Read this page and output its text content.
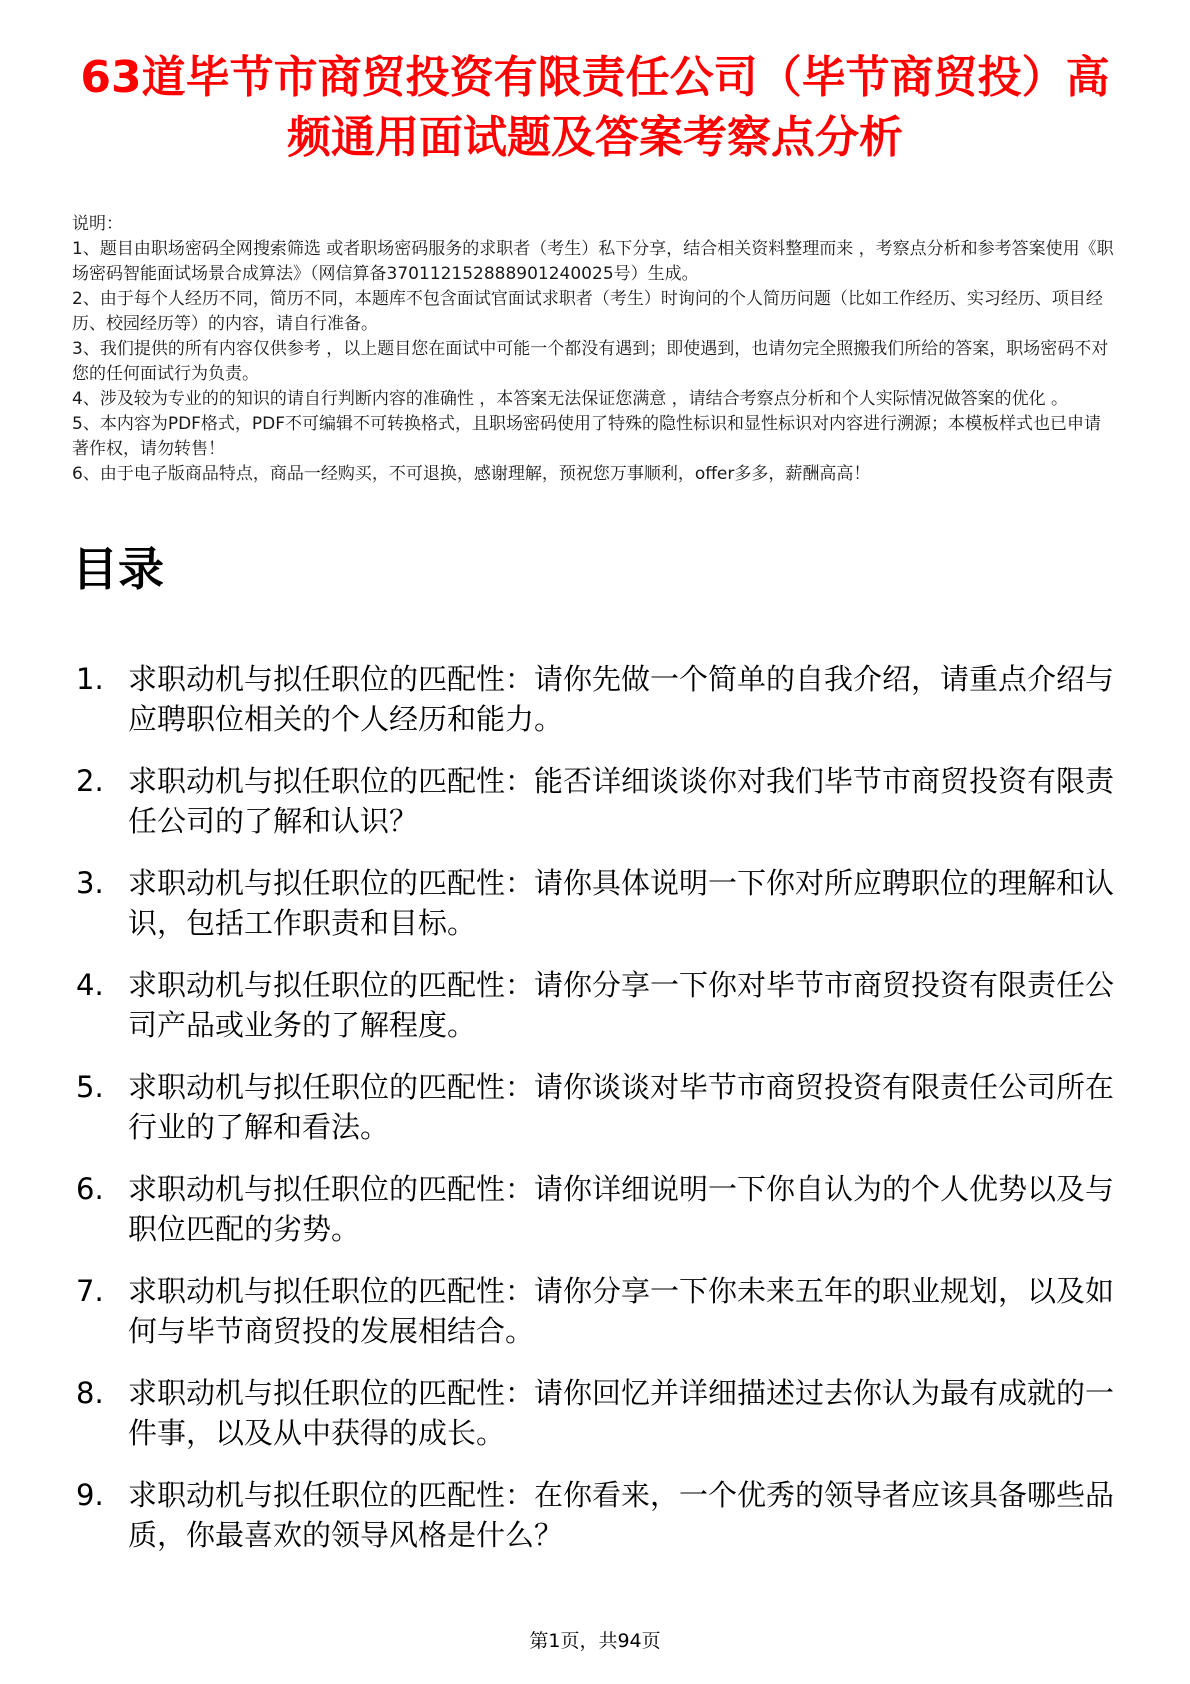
63道毕节市商贸投资有限责任公司（毕节商贸投）高频通用面试题及答案考察点分析

说明：

1、题目由职场密码全网搜索筛选 或者职场密码服务的求职者（考生）私下分享，结合相关资料整理而来 ，考察点分析和参考答案使用《职场密码智能面试场景合成算法》（网信算备370112152888901240025号）生成。

2、由于每个人经历不同，简历不同，本题库不包含面试官面试求职者（考生）时询问的个人简历问题（比如工作经历、实习经历、项目经历、校园经历等）的内容，请自行准备。

3、我们提供的所有内容仅供参考 ，以上题目您在面试中可能一个都没有遇到；即使遇到，也请勿完全照搬我们所给的答案，职场密码不对您的任何面试行为负责。

4、涉及较为专业的的知识的请自行判断内容的准确性 ，本答案无法保证您满意 ，请结合考察点分析和个人实际情况做答案的优化 。

5、本内容为PDF格式，PDF不可编辑不可转换格式，且职场密码使用了特殊的隐性标识和显性标识对内容进行溯源；本模板样式也已申请著作权，请勿转售！

6、由于电子版商品特点，商品一经购买，不可退换，感谢理解，预祝您万事顺利，offer多多，薪酬高高！

目录
1. 求职动机与拟任职位的匹配性：请你先做一个简单的自我介绍，请重点介绍与应聘职位相关的个人经历和能力。
2. 求职动机与拟任职位的匹配性：能否详细谈谈你对我们毕节市商贸投资有限责任公司的了解和认识？
3. 求职动机与拟任职位的匹配性：请你具体说明一下你对所应聘职位的理解和认识，包括工作职责和目标。
4. 求职动机与拟任职位的匹配性：请你分享一下你对毕节市商贸投资有限责任公司产品或业务的了解程度。
5. 求职动机与拟任职位的匹配性：请你谈谈对毕节市商贸投资有限责任公司所在行业的了解和看法。
6. 求职动机与拟任职位的匹配性：请你详细说明一下你自认为的个人优势以及与职位匹配的劣势。
7. 求职动机与拟任职位的匹配性：请你分享一下你未来五年的职业规划，以及如何与毕节商贸投的发展相结合。
8. 求职动机与拟任职位的匹配性：请你回忆并详细描述过去你认为最有成就的一件事，以及从中获得的成长。
9. 求职动机与拟任职位的匹配性：在你看来，一个优秀的领导者应该具备哪些品质，你最喜欢的领导风格是什么？
第1页，共94页
